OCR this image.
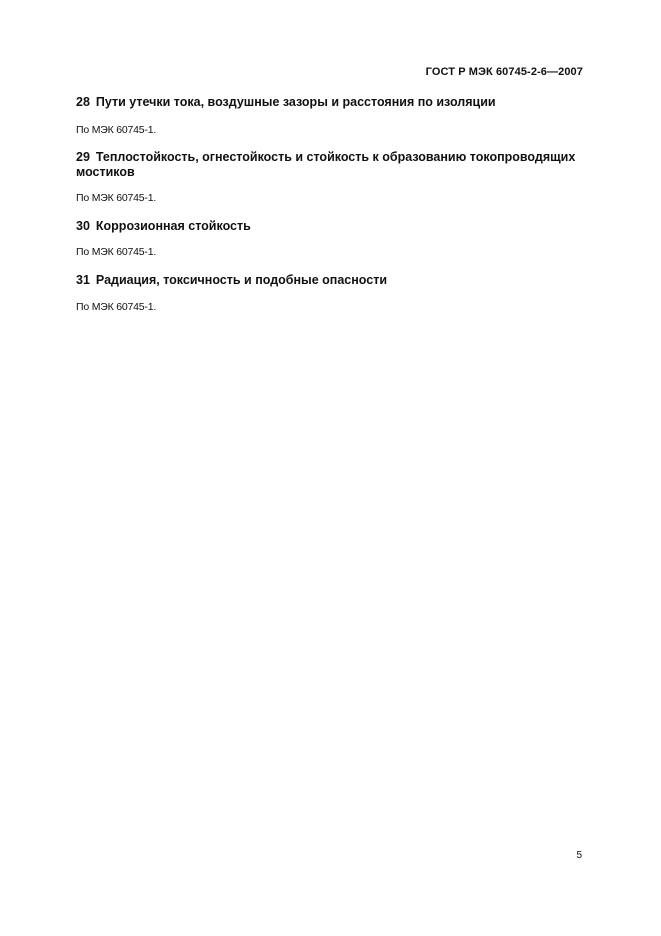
ГОСТ Р МЭК 60745-2-6—2007

28 Пути утечки тока, воздушные зазоры и расстояния по изоляции

По МЭК 60745-1.

29 Теплостойкость, огнестойкость и стойкость к образованию токопроводящих мостиков

По МЭК 60745-1.

30 Коррозионная стойкость

По МЭК 60745-1.

31 Радиация, токсичность и подобные опасности

По МЭК 60745-1.

5
